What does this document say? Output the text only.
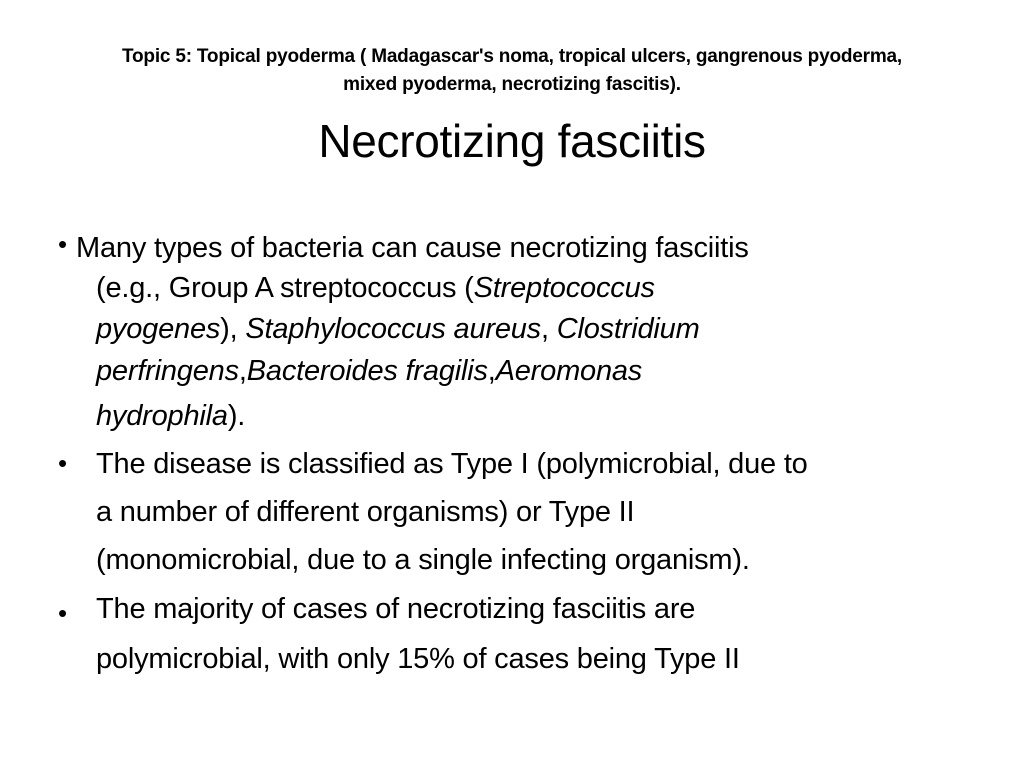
Topic 5: Topical pyoderma ( Madagascar's noma, tropical ulcers, gangrenous pyoderma,
mixed pyoderma, necrotizing fascitis).
Necrotizing fasciitis
• Many types of bacteria can cause necrotizing fasciitis
(e.g., Group A streptococcus (Streptococcus
pyogenes), Staphylococcus aureus, Clostridium
perfringens,Bacteroides fragilis,Aeromonas
hydrophila).
• The disease is classified as Type I (polymicrobial, due to
a number of different organisms) or Type II
(monomicrobial, due to a single infecting organism).
• The majority of cases of necrotizing fasciitis are
polymicrobial, with only 15% of cases being Type II
